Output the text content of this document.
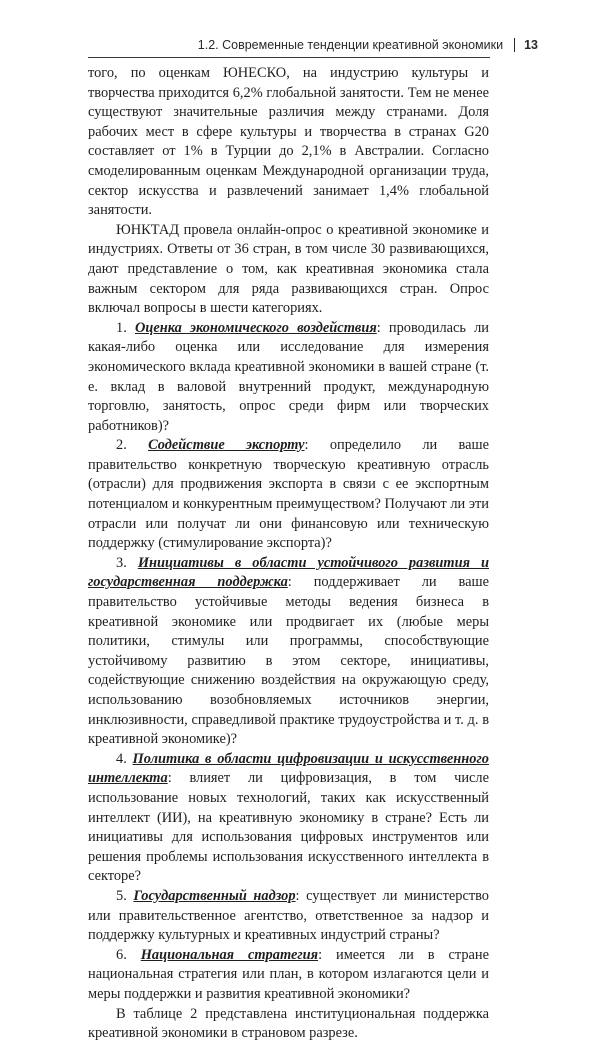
1.2. Современные тенденции креативной экономики 13

того, по оценкам ЮНЕСКО, на индустрию культуры и творчества приходится 6,2% глобальной занятости. Тем не менее существуют значительные различия между странами. Доля рабочих мест в сфере культуры и творчества в странах G20 составляет от 1% в Турции до 2,1% в Австралии. Согласно смоделированным оценкам Международной организации труда, сектор искусства и развлечений занимает 1,4% глобальной занятости.

ЮНКТАД провела онлайн-опрос о креативной экономике и индустриях. Ответы от 36 стран, в том числе 30 развивающихся, дают представление о том, как креативная экономика стала важным сектором для ряда развивающихся стран. Опрос включал вопросы в шести категориях.

1. Оценка экономического воздействия: проводилась ли какая-либо оценка или исследование для измерения экономического вклада креативной экономики в вашей стране (т. е. вклад в валовой внутренний продукт, международную торговлю, занятость, опрос среди фирм или творческих работников)?

2. Содействие экспорту: определило ли ваше правительство конкретную творческую креативную отрасль (отрасли) для продвижения экспорта в связи с ее экспортным потенциалом и конкурентным преимуществом? Получают ли эти отрасли или получат ли они финансовую или техническую поддержку (стимулирование экспорта)?

3. Инициативы в области устойчивого развития и государственная поддержка: поддерживает ли ваше правительство устойчивые методы ведения бизнеса в креативной экономике или продвигает их (любые меры политики, стимулы или программы, способствующие устойчивому развитию в этом секторе, инициативы, содействующие снижению воздействия на окружающую среду, использованию возобновляемых источников энергии, инклюзивности, справедливой практике трудоустройства и т. д. в креативной экономике)?

4. Политика в области цифровизации и искусственного интеллекта: влияет ли цифровизация, в том числе использование новых технологий, таких как искусственный интеллект (ИИ), на креативную экономику в стране? Есть ли инициативы для использования цифровых инструментов или решения проблемы использования искусственного интеллекта в секторе?

5. Государственный надзор: существует ли министерство или правительственное агентство, ответственное за надзор и поддержку культурных и креативных индустрий страны?

6. Национальная стратегия: имеется ли в стране национальная стратегия или план, в котором излагаются цели и меры поддержки и развития креативной экономики?

В таблице 2 представлена институциональная поддержка креативной экономики в страновом разрезе.
